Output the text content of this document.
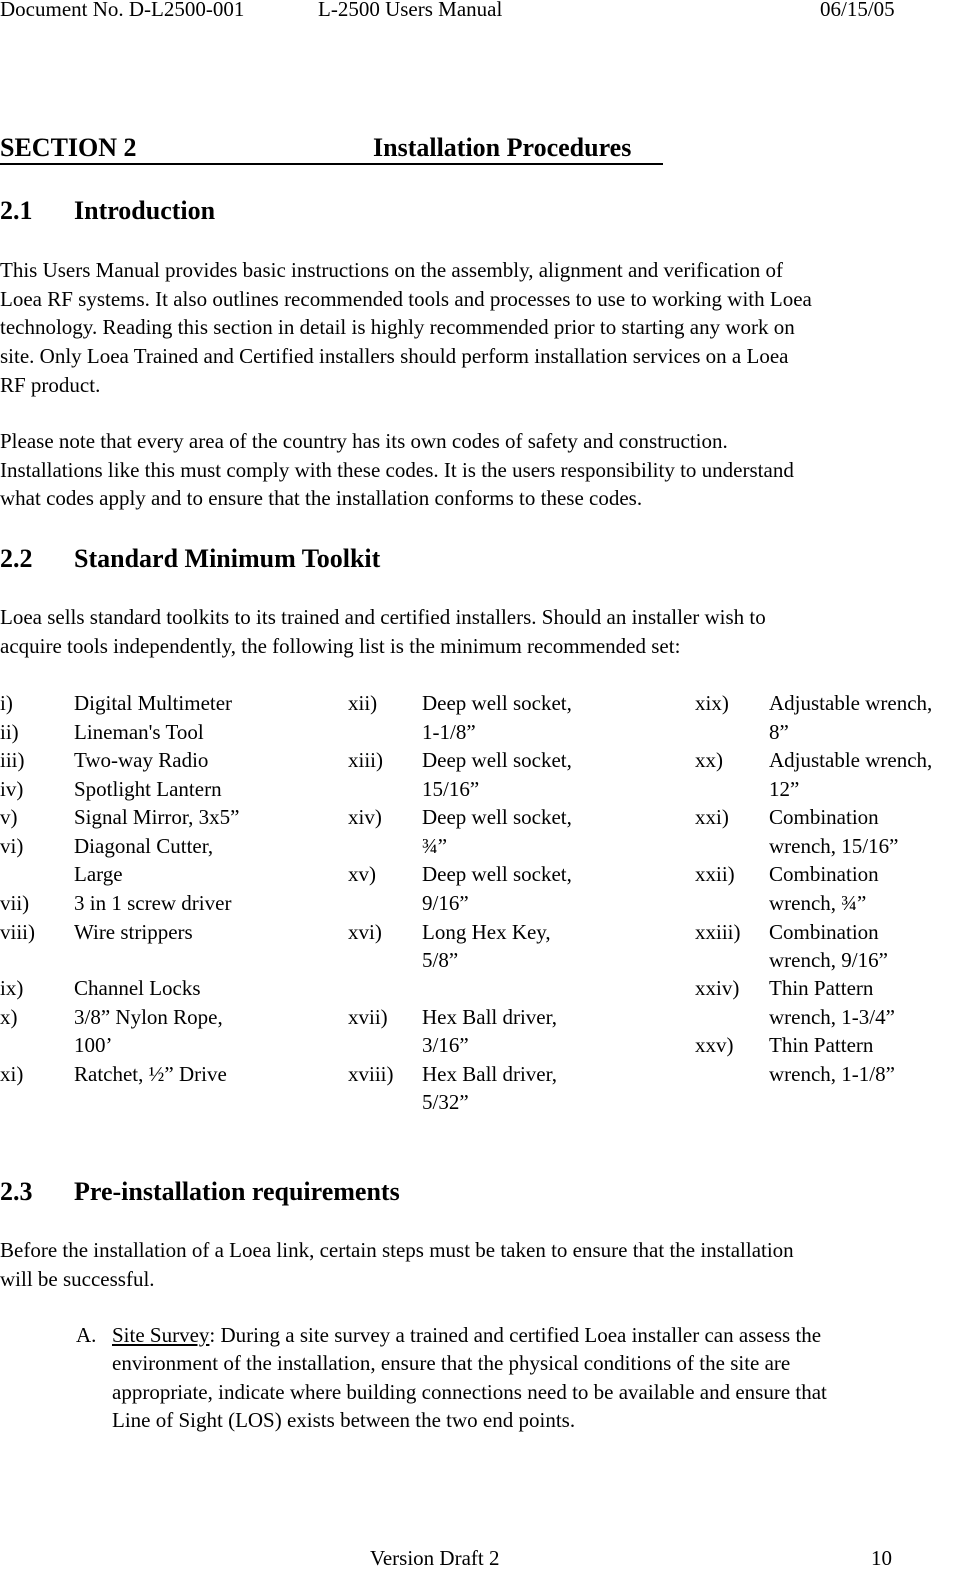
Document No. D-L2500-001	L-2500 Users Manual	06/15/05
SECTION 2	Installation Procedures
2.1 Introduction
This Users Manual provides basic instructions on the assembly, alignment and verification of
Loea RF systems. It also outlines recommended tools and processes to use to working with Loea
technology. Reading this section in detail is highly recommended prior to starting any work on
site. Only Loea Trained and Certified installers should perform installation services on a Loea
RF product.
Please note that every area of the country has its own codes of safety and construction.
Installations like this must comply with these codes. It is the users responsibility to understand
what codes apply and to ensure that the installation conforms to these codes.
2.2 Standard Minimum Toolkit
Loea sells standard toolkits to its trained and certified installers. Should an installer wish to
acquire tools independently, the following list is the minimum recommended set:
i)	Digital Multimeter
ii)	Lineman's Tool
iii) Two-way Radio
iv) Spotlight Lantern
v)	Signal Mirror, 3x5”
vi) Diagonal Cutter,
Large
vii) 3 in 1 screw driver
viii) Wire strippers
ix) Channel Locks
x)	3/8” Nylon Rope,
100’
xi) Ratchet, ½” Drive
xii) Deep well socket,
1-1/8”
xiii) Deep well socket,
15/16”
xiv) Deep well socket,
¾”
xv) Deep well socket,
9/16”
xvi) Long Hex Key,
5/8”
xvii) Hex Ball driver,
3/16”
xviii) Hex Ball driver,
5/32”
xix) Adjustable wrench,
8”
xx) Adjustable wrench,
12”
xxi) Combination
wrench, 15/16”
xxii) Combination
wrench, ¾”
xxiii) Combination
wrench, 9/16”
xxiv) Thin Pattern
wrench, 1-3/4”
xxv) Thin Pattern
wrench, 1-1/8”
2.3 Pre-installation requirements
Before the installation of a Loea link, certain steps must be taken to ensure that the installation
will be successful.
A. Site Survey: During a site survey a trained and certified Loea installer can assess the
environment of the installation, ensure that the physical conditions of the site are
appropriate, indicate where building connections need to be available and ensure that
Line of Sight (LOS) exists between the two end points.
Version Draft 2	10
